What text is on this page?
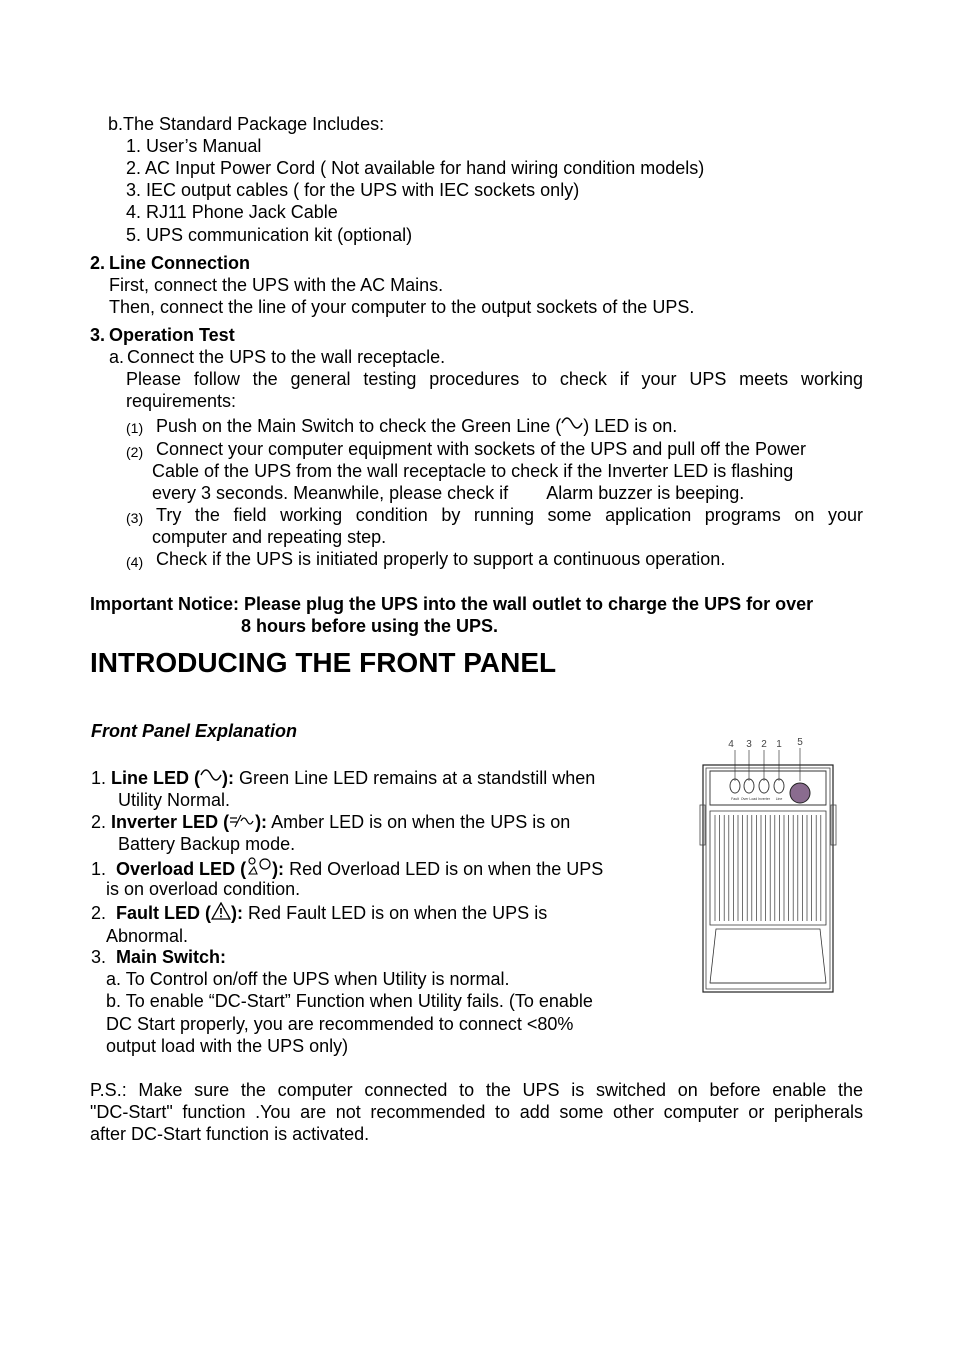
b.The Standard Package Includes:
1. User’s Manual
2. AC Input Power Cord ( Not available for hand wiring condition models)
3. IEC output cables ( for the UPS with IEC sockets only)
4. RJ11 Phone Jack Cable
5. UPS communication kit (optional)
2. Line Connection
First, connect the UPS with the AC Mains.
Then, connect the line of your computer to the output sockets of the UPS.
3. Operation Test
a. Connect the UPS to the wall receptacle.
Please follow the general testing procedures to check if your UPS meets working
requirements:
(1) Push on the Main Switch to check the Green Line ( ) LED is on.
(2) Connect your computer equipment with sockets of the UPS and pull off the Power
Cable of the UPS from the wall receptacle to check if the Inverter LED is flashing
every 3 seconds. Meanwhile, please check if Alarm buzzer is beeping.
(3) Try the field working condition by running some application programs on your
computer and repeating step.
(4) Check if the UPS is initiated properly to support a continuous operation.
Important Notice: Please plug the UPS into the wall outlet to charge the UPS for over
8 hours before using the UPS.
INTRODUCING THE FRONT PANEL
Front Panel Explanation
1. Line LED ( ): Green Line LED remains at a standstill when
Utility Normal.
2. Inverter LED ( ): Amber LED is on when the UPS is on
Battery Backup mode.
1. Overload LED ( ): Red Overload LED is on when the UPS
is on overload condition.
2. Fault LED ( ): Red Fault LED is on when the UPS is
Abnormal.
3. Main Switch:
a. To Control on/off the UPS when Utility is normal.
b. To enable “DC-Start” Function when Utility fails. (To enable
DC Start properly, you are recommended to connect <80%
output load with the UPS only)
P.S.: Make sure the computer connected to the UPS is switched on before enable the
"DC-Start" function .You are not recommended to add some other computer or peripherals
after DC-Start function is activated.
4 3 2 1 5
Fault Over Load Inverter Line
